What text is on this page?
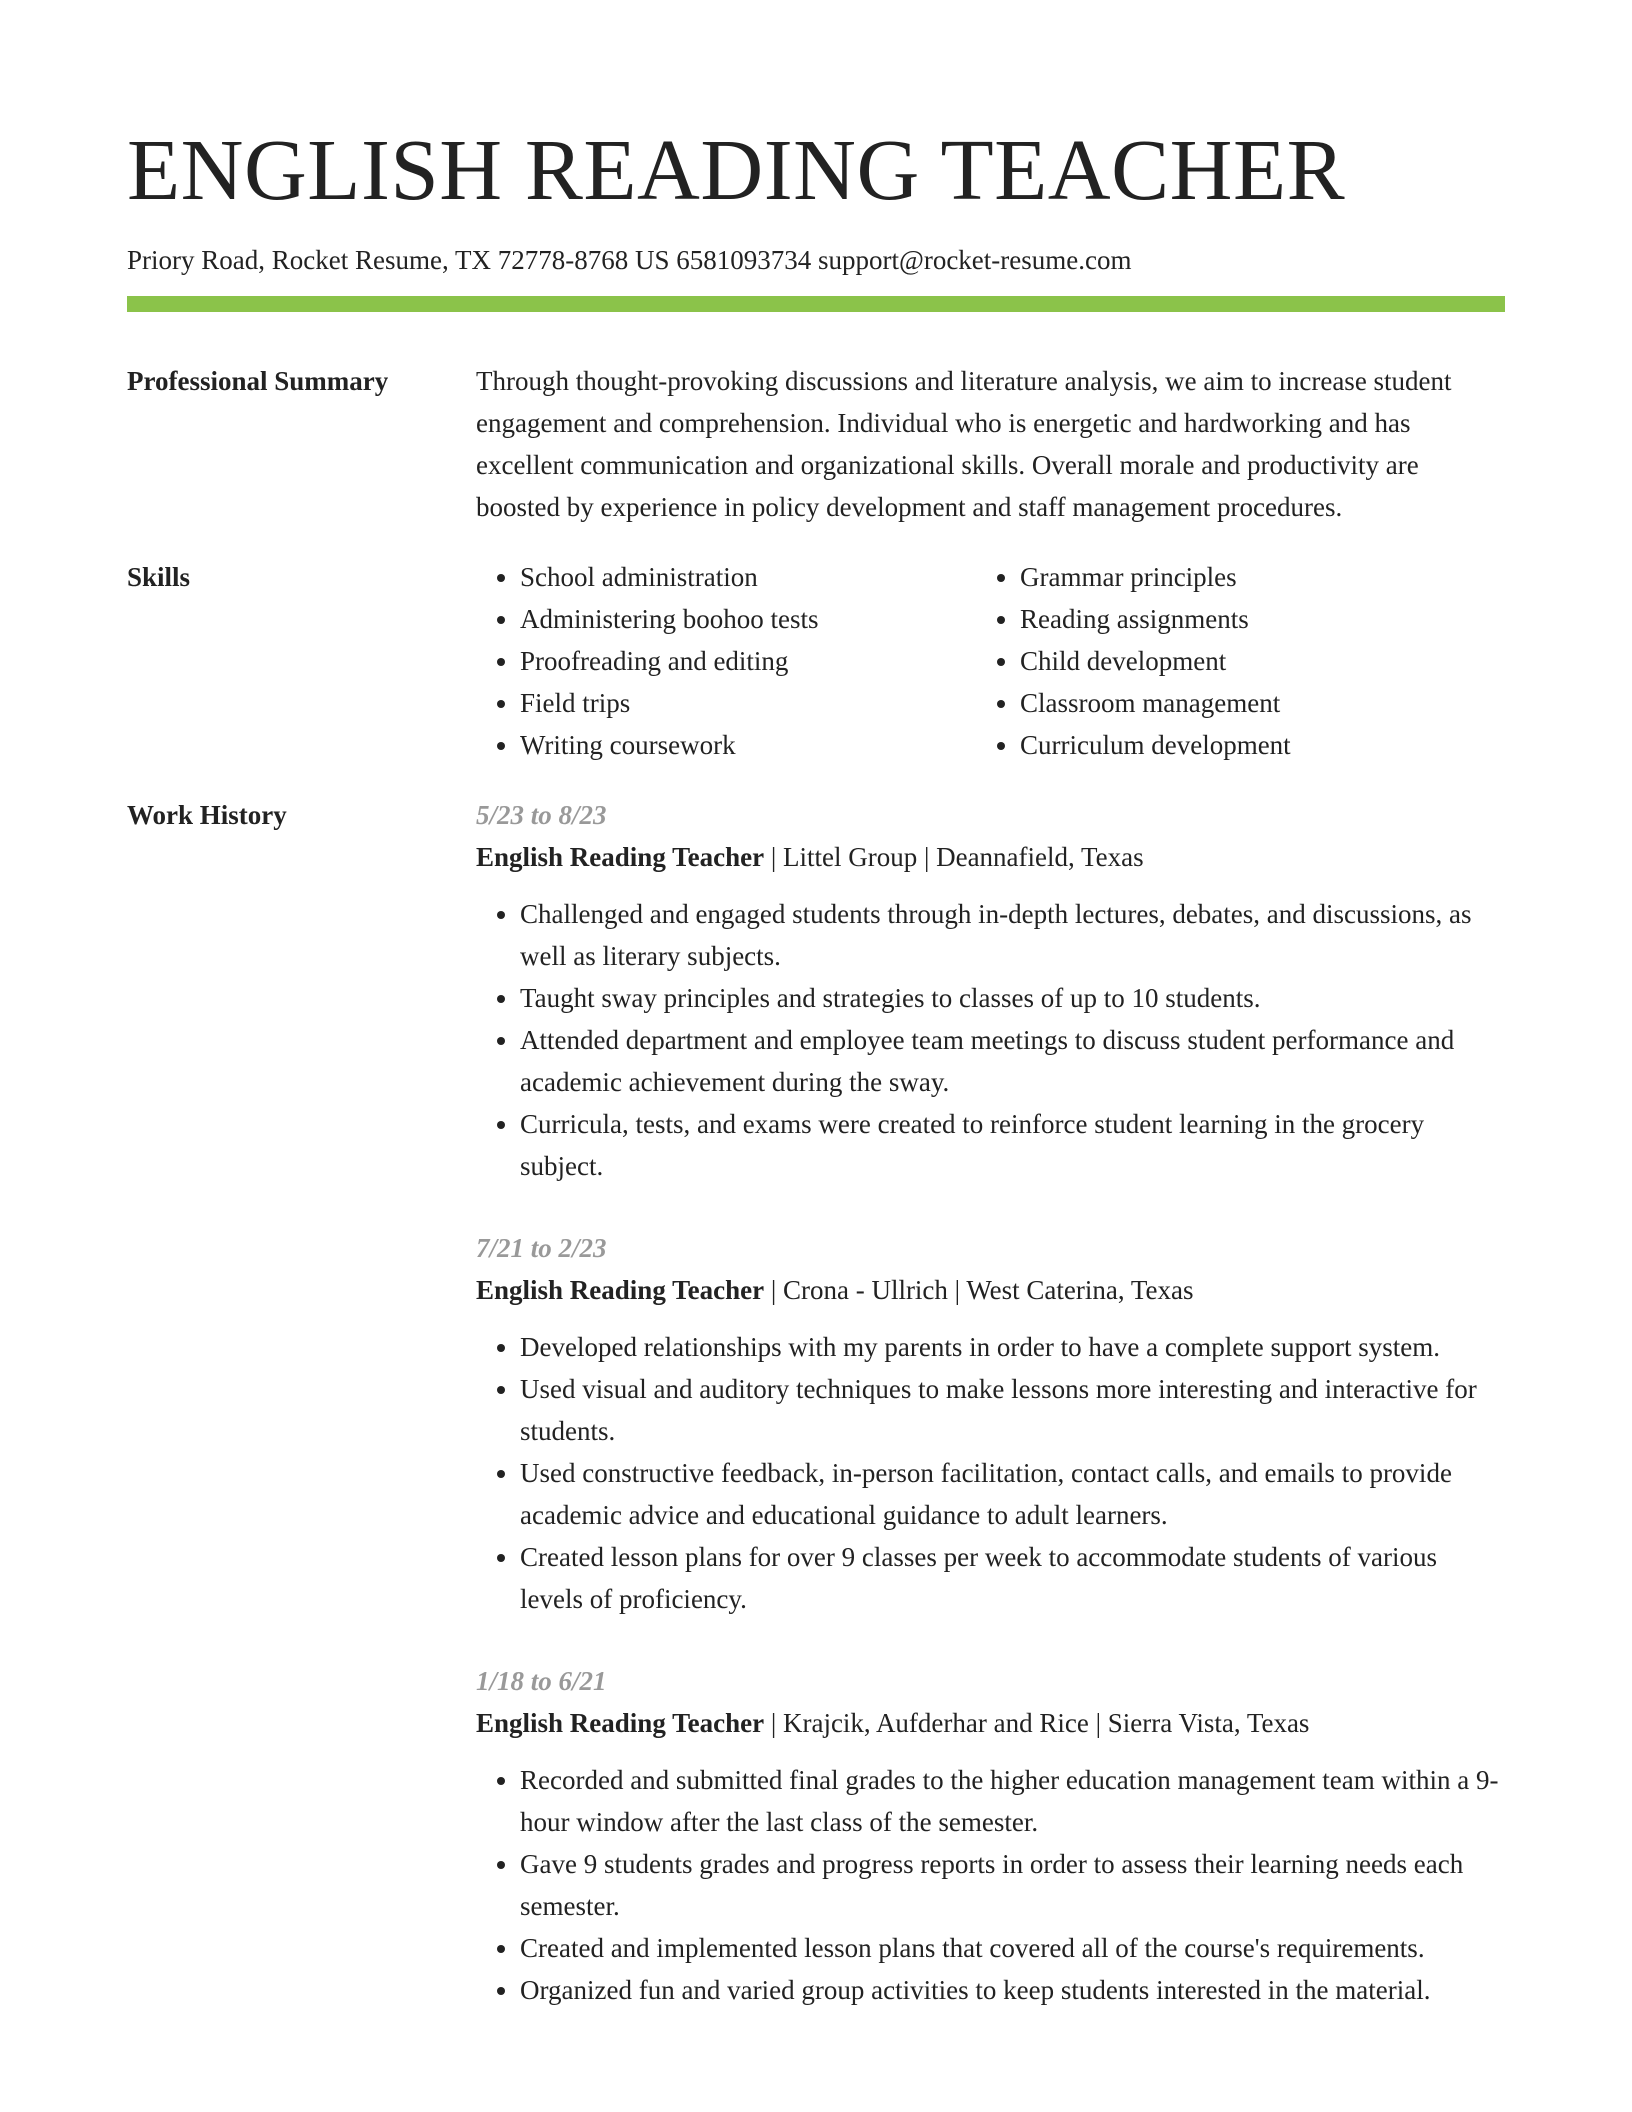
ENGLISH READING TEACHER
Priory Road, Rocket Resume, TX 72778-8768 US 6581093734 support@rocket-resume.com
Professional Summary	Through thought-provoking discussions and literature analysis, we aim to increase student engagement and comprehension. Individual who is energetic and hardworking and has excellent communication and organizational skills. Overall morale and productivity are boosted by experience in policy development and staff management procedures.

Skills
•	School administration
• Administering boohoo tests
• Proofreading and editing
• Field trips
• Writing coursework
• Grammar principles
• Reading assignments
• Child development
• Classroom management
• Curriculum development
Work History	5/23 to 8/23
English Reading Teacher | Littel Group | Deannafield, Texas
• Challenged and engaged students through in-depth lectures, debates, and discussions, as well as literary subjects.
• Taught sway principles and strategies to classes of up to 10 students.
• Attended department and employee team meetings to discuss student performance and academic achievement during the sway.
• Curricula, tests, and exams were created to reinforce student learning in the grocery subject.
7/21 to 2/23
English Reading Teacher | Crona - Ullrich | West Caterina, Texas
• Developed relationships with my parents in order to have a complete support system.
• Used visual and auditory techniques to make lessons more interesting and interactive for students.
• Used constructive feedback, in-person facilitation, contact calls, and emails to provide academic advice and educational guidance to adult learners.
• Created lesson plans for over 9 classes per week to accommodate students of various levels of proficiency.
1/18 to 6/21
English Reading Teacher | Krajcik, Aufderhar and Rice | Sierra Vista, Texas
• Recorded and submitted final grades to the higher education management team within a 9-hour window after the last class of the semester.
• Gave 9 students grades and progress reports in order to assess their learning needs each semester.
• Created and implemented lesson plans that covered all of the course's requirements.
• Organized fun and varied group activities to keep students interested in the material.
